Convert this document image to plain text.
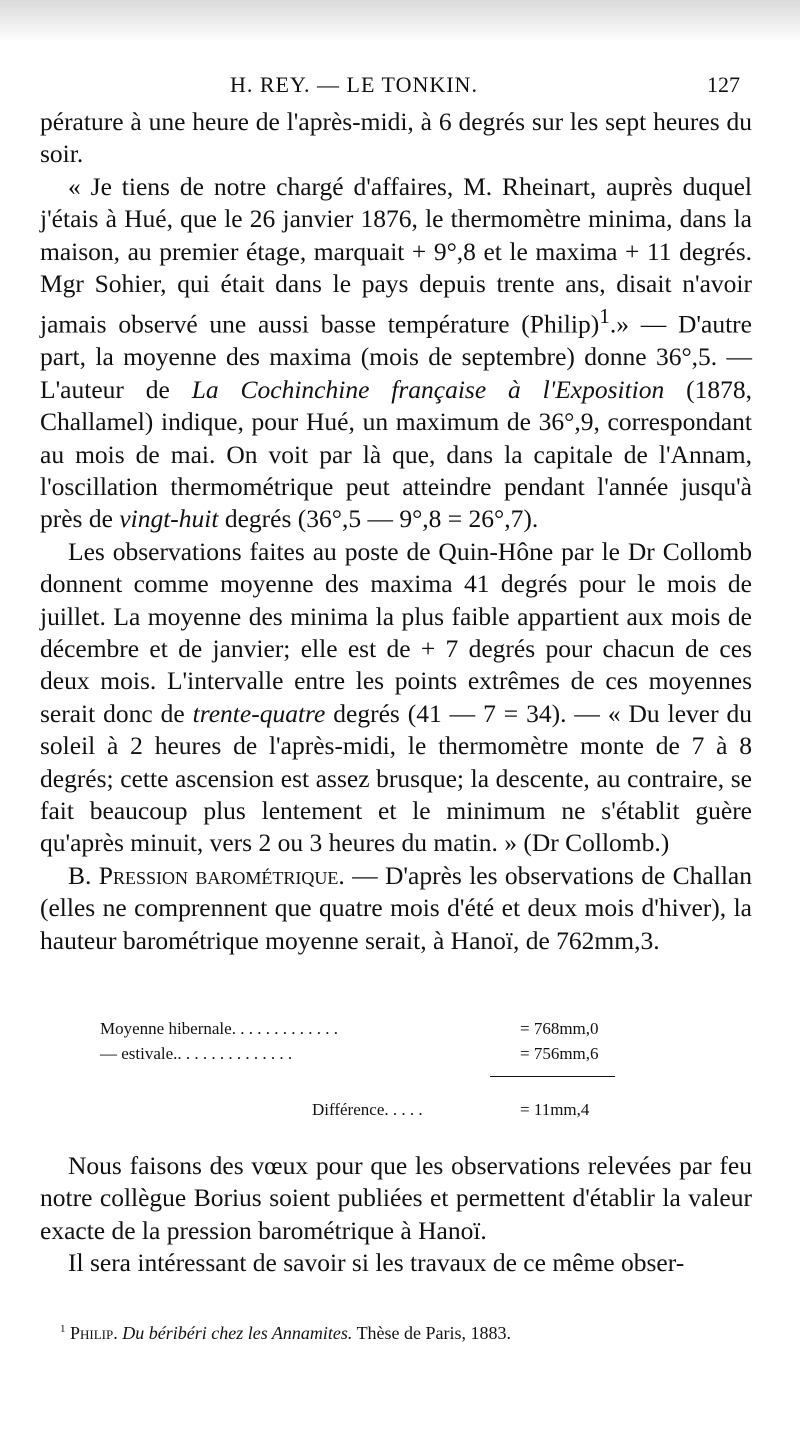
H. REY. — LE TONKIN.	127

pérature à une heure de l'après-midi, à 6 degrés sur les sept heures du soir.

« Je tiens de notre chargé d'affaires, M. Rheinart, auprès duquel j'étais à Hué, que le 26 janvier 1876, le thermomètre minima, dans la maison, au premier étage, marquait + 9°,8 et le maxima + 11 degrés. Mgr Sohier, qui était dans le pays depuis trente ans, disait n'avoir jamais observé une aussi basse température (Philip)$^1$.» — D'autre part, la moyenne des maxima (mois de septembre) donne 36°,5. — L'auteur de La Cochinchine française à l'Exposition (1878, Challamel) indique, pour Hué, un maximum de 36°,9, correspondant au mois de mai. On voit par là que, dans la capitale de l'Annam, l'oscillation thermométrique peut atteindre pendant l'année jusqu'à près de vingt-huit degrés (36°,5 — 9°,8 = 26°,7).

Les observations faites au poste de Quin-Hône par le Dr Collomb donnent comme moyenne des maxima 41 degrés pour le mois de juillet. La moyenne des minima la plus faible appartient aux mois de décembre et de janvier; elle est de + 7 degrés pour chacun de ces deux mois. L'intervalle entre les points extrêmes de ces moyennes serait donc de trente-quatre degrés (41 — 7 = 34). — « Du lever du soleil à 2 heures de l'après-midi, le thermomètre monte de 7 à 8 degrés; cette ascension est assez brusque; la descente, au contraire, se fait beaucoup plus lentement et le minimum ne s'établit guère qu'après minuit, vers 2 ou 3 heures du matin. » (Dr Collomb.)

B. Pression barométrique. — D'après les observations de Challan (elles ne comprennent que quatre mois d'été et deux mois d'hiver), la hauteur barométrique moyenne serait, à Hanoï, de 762mm,3.

Moyenne hibernale. . . . . . . . . . . . .	= 768mm,0
— estivale.. . . . . . . . . . . . . .	= 756mm,6
Différence. . . . .	= 11mm,4

Nous faisons des vœux pour que les observations relevées par feu notre collègue Borius soient publiées et permettent d'établir la valeur exacte de la pression barométrique à Hanoï.

Il sera intéressant de savoir si les travaux de ce même obser-

$^1$ Philip. Du béribéri chez les Annamites. Thèse de Paris, 1883.
